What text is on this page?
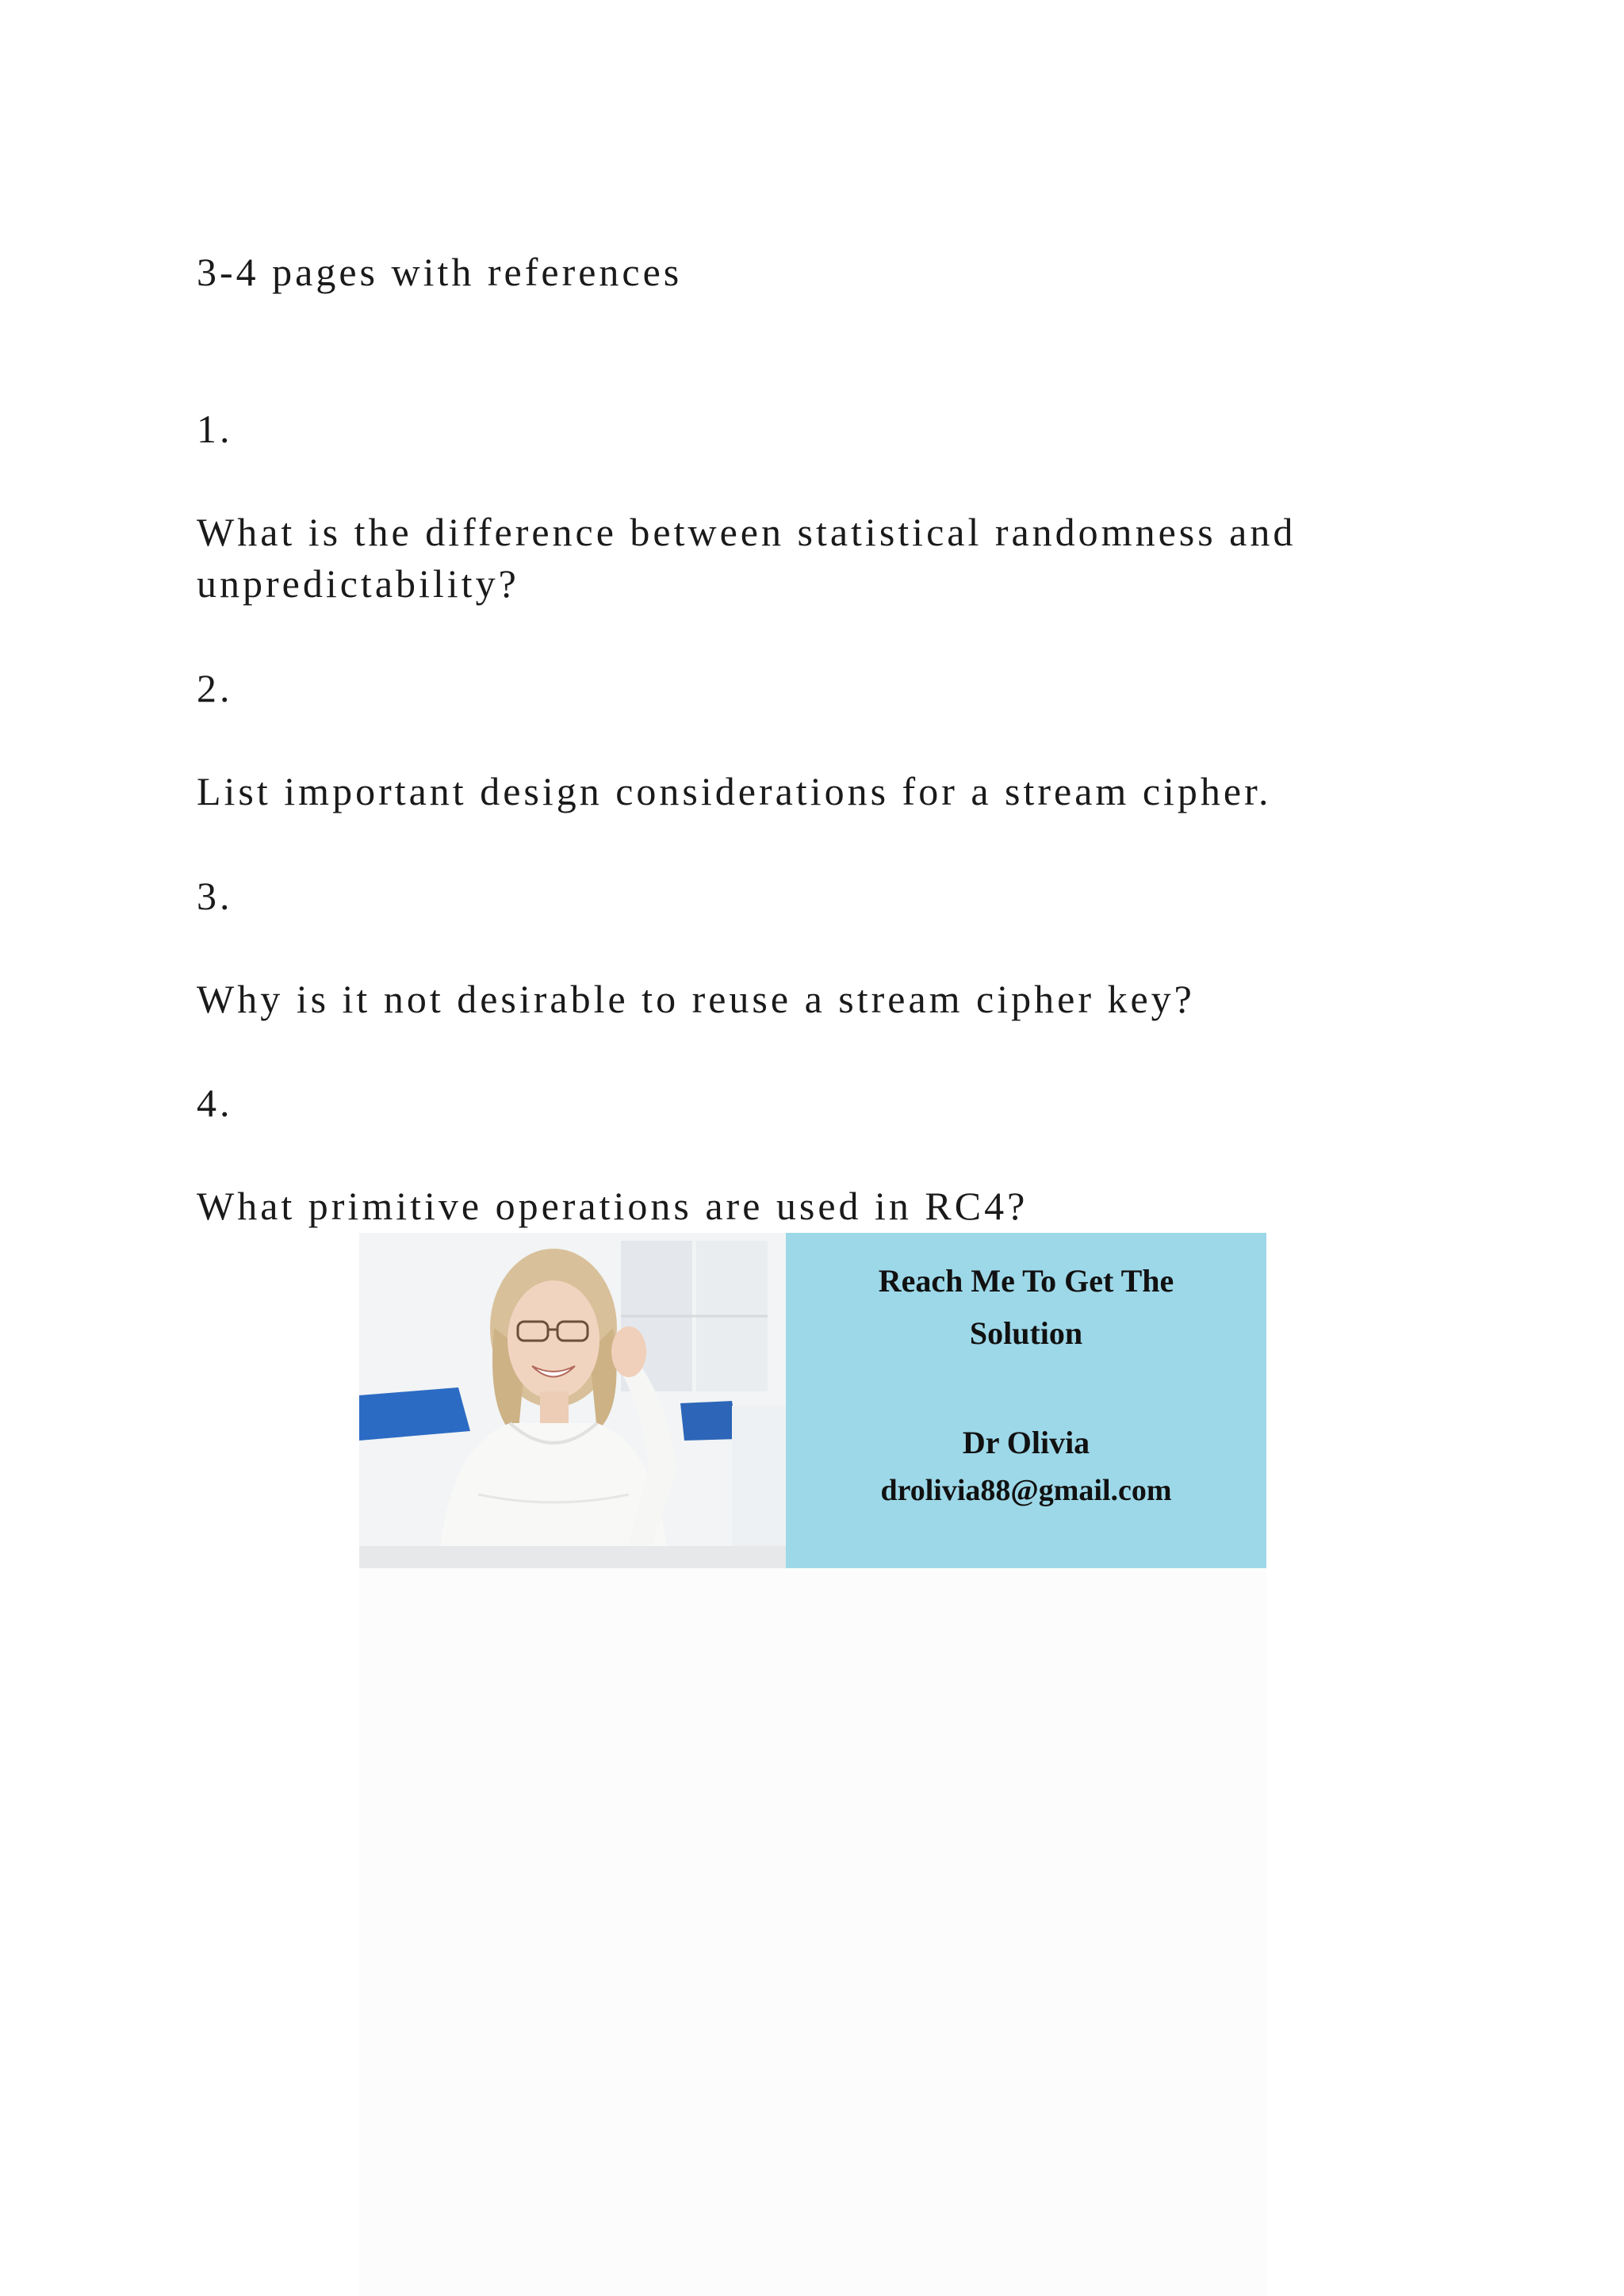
3-4 pages with references

1.

What is the difference between statistical randomness and

unpredictability?

2.

List important design considerations for a stream cipher.

3.

Why is it not desirable to reuse a stream cipher key?

4.

What primitive operations are used in RC4?

Reach Me To Get The
Solution
Dr Olivia
drolivia88@gmail.com
